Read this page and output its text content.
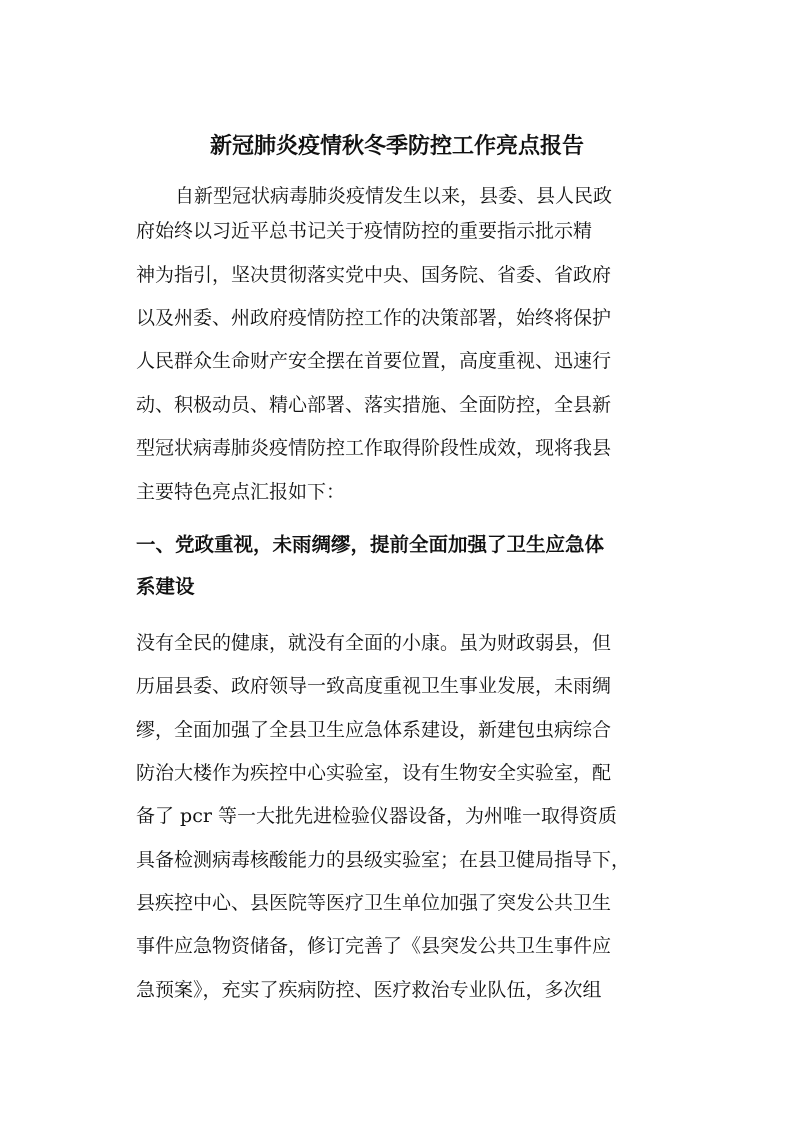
新冠肺炎疫情秋冬季防控工作亮点报告
自新型冠状病毒肺炎疫情发生以来，县委、县人民政
府始终以习近平总书记关于疫情防控的重要指示批示精
神为指引，坚决贯彻落实党中央、国务院、省委、省政府
以及州委、州政府疫情防控工作的决策部署，始终将保护
人民群众生命财产安全摆在首要位置，高度重视、迅速行
动、积极动员、精心部署、落实措施、全面防控，全县新
型冠状病毒肺炎疫情防控工作取得阶段性成效，现将我县
主要特色亮点汇报如下：
一、党政重视，未雨绸缪，提前全面加强了卫生应急体
系建设
没有全民的健康，就没有全面的小康。虽为财政弱县，但
历届县委、政府领导一致高度重视卫生事业发展，未雨绸
缪，全面加强了全县卫生应急体系建设，新建包虫病综合
防治大楼作为疾控中心实验室，设有生物安全实验室，配
备了 pcr 等一大批先进检验仪器设备，为州唯一取得资质
具备检测病毒核酸能力的县级实验室；在县卫健局指导下，
县疾控中心、县医院等医疗卫生单位加强了突发公共卫生
事件应急物资储备，修订完善了《县突发公共卫生事件应
急预案》，充实了疾病防控、医疗救治专业队伍，多次组
